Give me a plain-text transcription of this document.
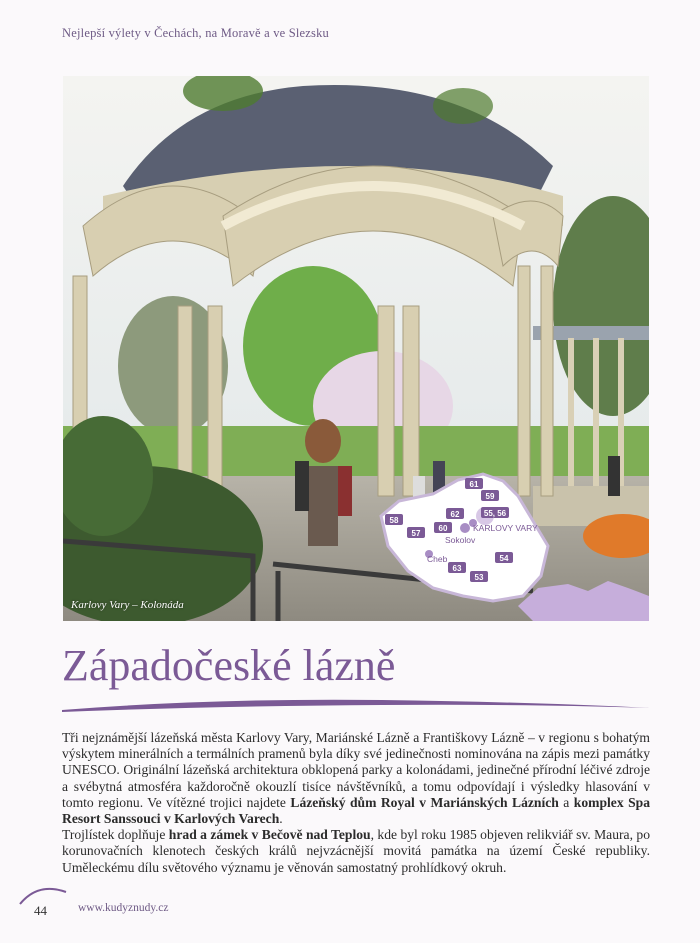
Nejlepší výlety v Čechách, na Moravě a ve Slezsku
61
59
58
62	55, 56
57
60
54
63
53
KARLOVY VARY
Sokolov
Cheb
Karlovy Vary – Kolonáda
Západočeské lázně

Tři nejznámější lázeňská města Karlovy Vary, Mariánské Lázně a Františkovy Lázně – v regionu s bohatým výskytem minerálních a termálních pramenů byla díky své jedinečnosti nominována na zápis mezi památky UNESCO. Originální lázeňská architektura obklopená parky a kolonádami, jedinečné přírodní léčivé zdroje a svébytná atmosféra každoročně okouzlí tisíce návštěvníků, a tomu odpovídají i výsledky hlasování v tomto regionu. Ve vítězné trojici najdete Lázeňský dům Royal v Mariánských Lázních a komplex Spa Resort Sanssouci v Karlových Varech.

Trojlístek doplňuje hrad a zámek v Bečově nad Teplou, kde byl roku 1985 objeven relikviář sv. Maura, po korunovačních klenotech českých králů nejvzácnější movitá památka na území České republiky. Uměleckému dílu světového významu je věnován samostatný prohlídkový okruh.

44	www.kudyznudy.cz
